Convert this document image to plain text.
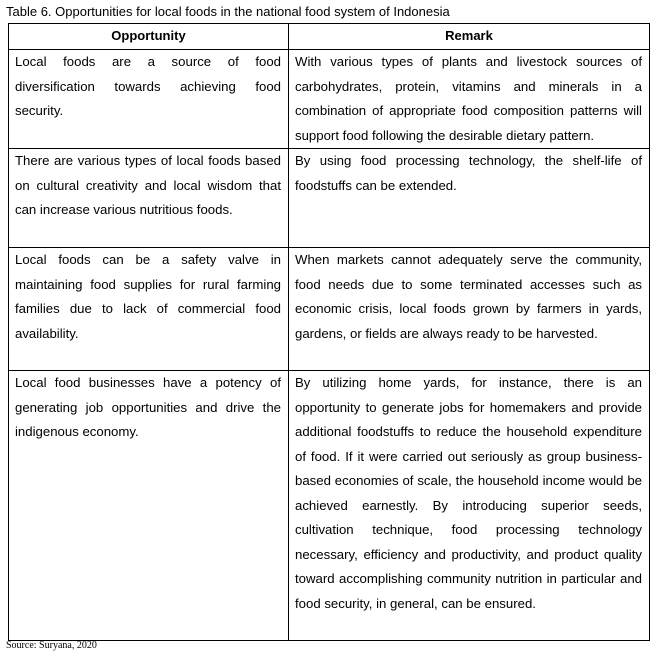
Table 6. Opportunities for local foods in the national food system of Indonesia
Opportunity	Remark
Local foods are a source of food diversification towards achieving food security.	With various types of plants and livestock sources of carbohydrates, protein, vitamins and minerals in a combination of appropriate food composition patterns will support food following the desirable dietary pattern.
There are various types of local foods based on cultural creativity and local wisdom that can increase various nutritious foods.	By using food processing technology, the shelf-life of foodstuffs can be extended.
Local foods can be a safety valve in maintaining food supplies for rural farming families due to lack of commercial food availability.	When markets cannot adequately serve the community, food needs due to some terminated accesses such as economic crisis, local foods grown by farmers in yards, gardens, or fields are always ready to be harvested.
Local food businesses have a potency of generating job opportunities and drive the indigenous economy.	By utilizing home yards, for instance, there is an opportunity to generate jobs for homemakers and provide additional foodstuffs to reduce the household expenditure of food. If it were carried out seriously as group business-based economies of scale, the household income would be achieved earnestly. By introducing superior seeds, cultivation technique, food processing technology necessary, efficiency and productivity, and product quality toward accomplishing community nutrition in particular and food security, in general, can be ensured.
Source: Suryana, 2020
